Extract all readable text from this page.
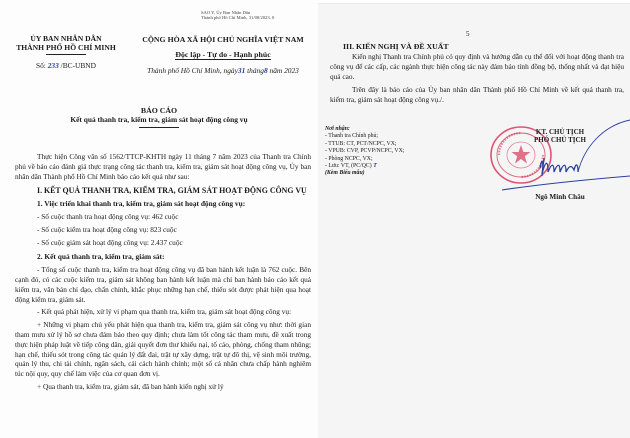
SAO Y, Ủy Ban Nhân Dân
Thành phố Hồ Chí Minh, 31/08/2023, 0
ỦY BAN NHÂN DÂN
THÀNH PHỐ HỒ CHÍ MINH
Số: 233 /BC-UBND
CỘNG HÒA XÃ HỘI CHỦ NGHĨA VIỆT NAM
Độc lập - Tự do - Hạnh phúc
Thành phố Hồ Chí Minh, ngày31 tháng8 năm 2023
BÁO CÁO
Kết quả thanh tra, kiểm tra, giám sát hoạt động công vụ

Thực hiện Công văn số 1562/TTCP-KHTH ngày 11 tháng 7 năm 2023 của Thanh tra Chính phủ về báo cáo đánh giá thực trạng công tác thanh tra, kiểm tra, giám sát hoạt động công vụ, Ủy ban nhân dân Thành phố Hồ Chí Minh báo cáo kết quả như sau:

I. KẾT QUẢ THANH TRA, KIỂM TRA, GIÁM SÁT HOẠT ĐỘNG CÔNG VỤ

1. Việc triển khai thanh tra, kiểm tra, giám sát hoạt động công vụ:

- Số cuộc thanh tra hoạt động công vụ: 462 cuộc

- Số cuộc kiểm tra hoạt động công vụ: 823 cuộc

- Số cuộc giám sát hoạt động công vụ: 2.437 cuộc

2. Kết quả thanh tra, kiểm tra, giám sát:

- Tổng số cuộc thanh tra, kiểm tra hoạt động công vụ đã ban hành kết luận là 762 cuộc. Bên cạnh đó, có các cuộc kiểm tra, giám sát không ban hành kết luận mà chỉ ban hành báo cáo kết quả kiểm tra, văn bản chỉ đạo, chấn chỉnh, khắc phục những hạn chế, thiếu sót được phát hiện qua hoạt động kiểm tra, giám sát.

- Kết quả phát hiện, xử lý vi phạm qua thanh tra, kiểm tra, giám sát hoạt động công vụ:

+ Những vi phạm chủ yếu phát hiện qua thanh tra, kiểm tra, giám sát công vụ như: thời gian tham mưu xử lý hồ sơ chưa đảm bảo theo quy định; chưa làm tốt công tác tham mưu, đề xuất trong thực hiện pháp luật về tiếp công dân, giải quyết đơn thư khiếu nại, tố cáo, phòng, chống tham nhũng; hạn chế, thiếu sót trong công tác quản lý đất đai, trật tự xây dựng, trật tự đô thị, vệ sinh môi trường, quản lý thu, chi tài chính, ngân sách, cải cách hành chính; một số cá nhân chưa chấp hành nghiêm túc nội quy, quy chế làm việc của cơ quan đơn vị.

+ Qua thanh tra, kiểm tra, giám sát, đã ban hành kiến nghị xử lý

5

III. KIẾN NGHỊ VÀ ĐỀ XUẤT

Kiến nghị Thanh tra Chính phủ có quy định và hướng dẫn cụ thể đối với hoạt động thanh tra công vụ để các cấp, các ngành thực hiện công tác này đảm bảo tính đồng bộ, thống nhất và đạt hiệu quả cao.

Trên đây là báo cáo của Ủy ban nhân dân Thành phố Hồ Chí Minh về kết quả thanh tra, kiểm tra, giám sát hoạt động công vụ./.

Nơi nhận:
- Thanh tra Chính phủ;
- TTUB: CT, PCT/NCPC, VX;
- VPUB: CVP, PCVP/NCPC, VX;
- Phòng NCPC, VX;
- Lưu: VT, (PC/QC) T
(Kèm Biểu mẫu)
KT. CHỦ TỊCH
PHÓ CHỦ TỊCH
Ngô Minh Châu
